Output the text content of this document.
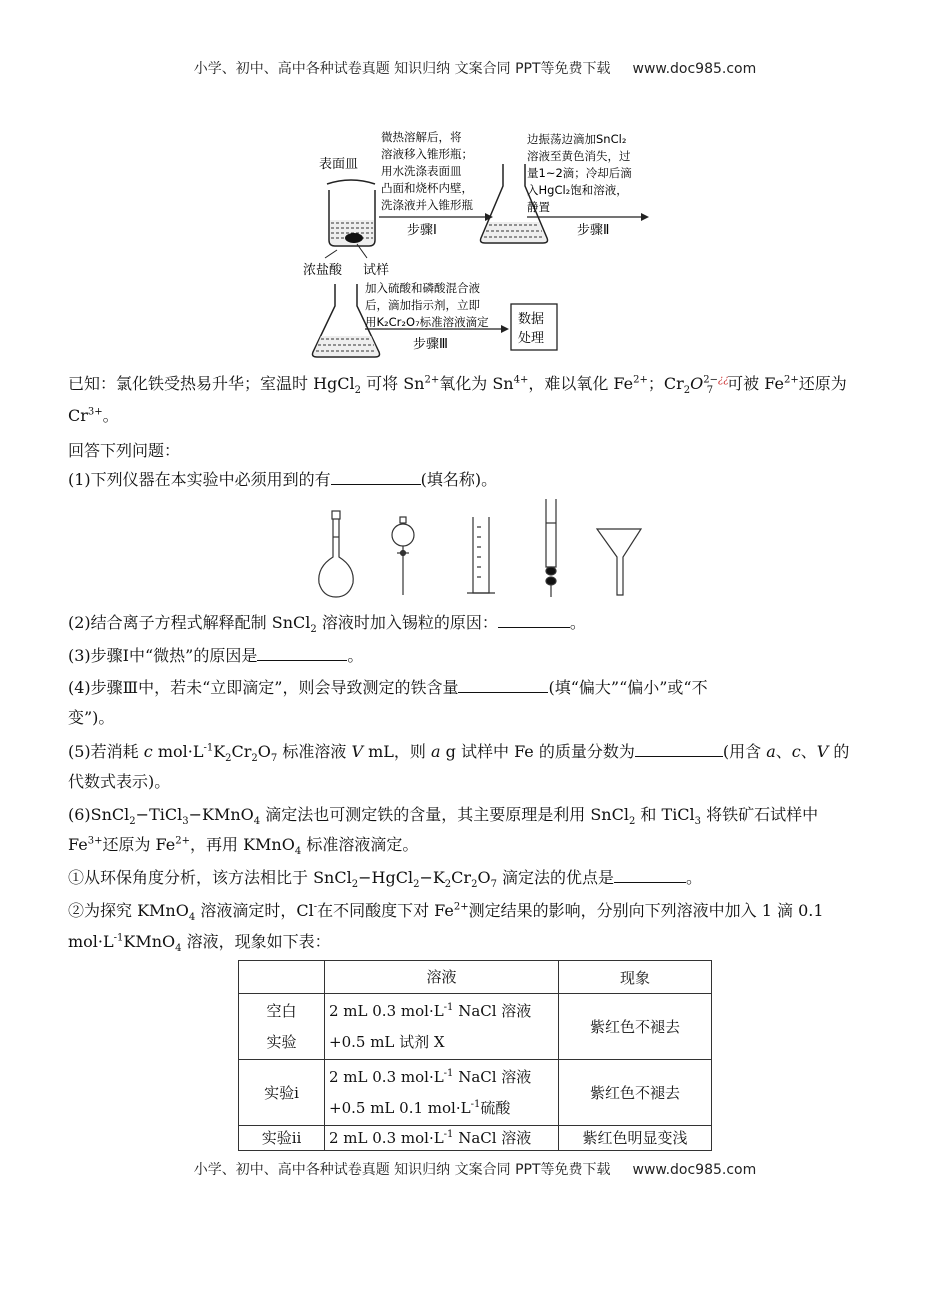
小学、初中、高中各种试卷真题 知识归纳 文案合同 PPT等免费下载 www.doc985.com
表面皿
浓盐酸 试样
微热溶解后，将
溶液移入锥形瓶；
用水洗涤表面皿
凸面和烧杯内壁，
洗涤液并入锥形瓶
步骤Ⅰ
边振荡边滴加SnCl₂
溶液至黄色消失，过
量1~2滴；冷却后滴
入HgCl₂饱和溶液，
静置
步骤Ⅱ
加入硫酸和磷酸混合液
后，滴加指示剂，立即
用K₂Cr₂O₇标准溶液滴定
步骤Ⅲ
数据
处理
已知：氯化铁受热易升华；室温时 HgCl$_2$ 可将 $Sn^{2+}$氧化为 $Sn^{4+}$，难以氧化 $Fe^{2+}$；$Cr_2O^{2-¿¿}_7$ 可被 $Fe^{2+}$还原为
$Cr^{3+}$。
回答下列问题：
(1)下列仪器在本实验中必须用到的有	(填名称)。
(2)结合离子方程式解释配制 SnCl$_2$ 溶液时加入锡粒的原因：	。
(3)步骤Ⅰ中“微热”的原因是	。
(4)步骤Ⅲ中，若未“立即滴定”，则会导致测定的铁含量	(填“偏大”“偏小”或“不
变”)。
(5)若消耗 c $mol\cdot L^{-1}K_2Cr_2O_7$ 标准溶液 V mL，则 a g 试样中 Fe 的质量分数为	(用含 a、c、V 的
代数式表示)。
(6)SnCl$_2$−TiCl$_3$−KMnO$_4$ 滴定法也可测定铁的含量，其主要原理是利用 SnCl$_2$ 和 TiCl$_3$ 将铁矿石试样中
$Fe^{3+}$还原为 $Fe^{2+}$，再用 KMnO$_4$ 标准溶液滴定。
①从环保角度分析，该方法相比于 $SnCl_2-HgCl_2-K_2Cr_2O_7$ 滴定法的优点是	。
②为探究 KMnO$_4$ 溶液滴定时，Cl-在不同酸度下对 $Fe^{2+}$测定结果的影响，分别向下列溶液中加入 1 滴 0.1
$mol\cdot L^{-1}KMnO_4$ 溶液，现象如下表：
	溶液	现象
空白
实验	2 mL 0.3 $mol\cdot L^{-1}$ NaCl 溶液
+0.5 mL 试剂 X	紫红色不褪去
实验ⅰ	2 mL 0.3 $mol\cdot L^{-1}$ NaCl 溶液
+0.5 mL 0.1 $mol\cdot L^{-1}$硫酸	紫红色不褪去
实验ⅱ	2 mL 0.3 $mol\cdot L^{-1}$ NaCl 溶液	紫红色明显变浅
小学、初中、高中各种试卷真题 知识归纳 文案合同 PPT等免费下载 www.doc985.com
